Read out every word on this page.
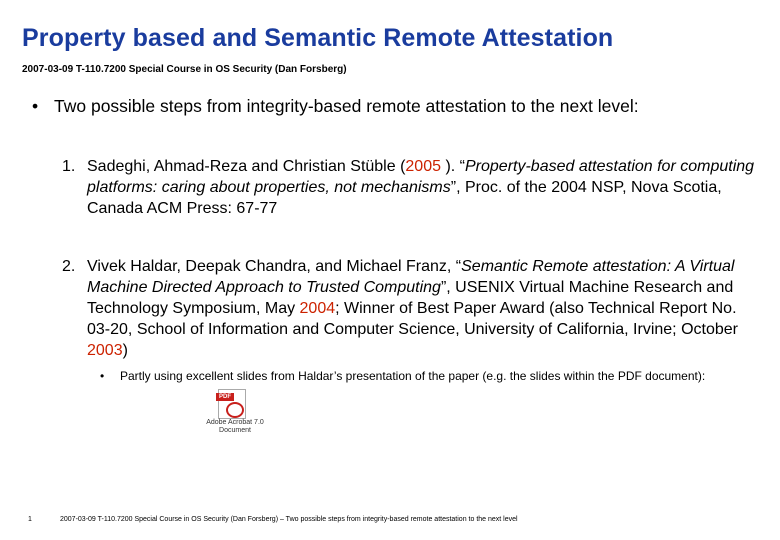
Property based and Semantic Remote Attestation
2007-03-09 T-110.7200 Special Course in OS Security (Dan Forsberg)
• Two possible steps from integrity-based remote attestation to the next level:
1. Sadeghi, Ahmad-Reza and Christian Stüble (2005 ). “Property-based attestation for computing platforms: caring about properties, not mechanisms”, Proc. of the 2004 NSP, Nova Scotia, Canada ACM Press: 67-77
2. Vivek Haldar, Deepak Chandra, and Michael Franz, “Semantic Remote attestation: A Virtual Machine Directed Approach to Trusted Computing”, USENIX Virtual Machine Research and Technology Symposium, May 2004; Winner of Best Paper Award (also Technical Report No. 03-20, School of Information and Computer Science, University of California, Irvine; October 2003)
• Partly using excellent slides from Haldar’s presentation of the paper (e.g. the slides within the PDF document):
PDF
Adobe Acrobat 7.0
Document
1	2007-03-09 T-110.7200 Special Course in OS Security (Dan Forsberg) – Two possible steps from integrity-based remote attestation to the next level
